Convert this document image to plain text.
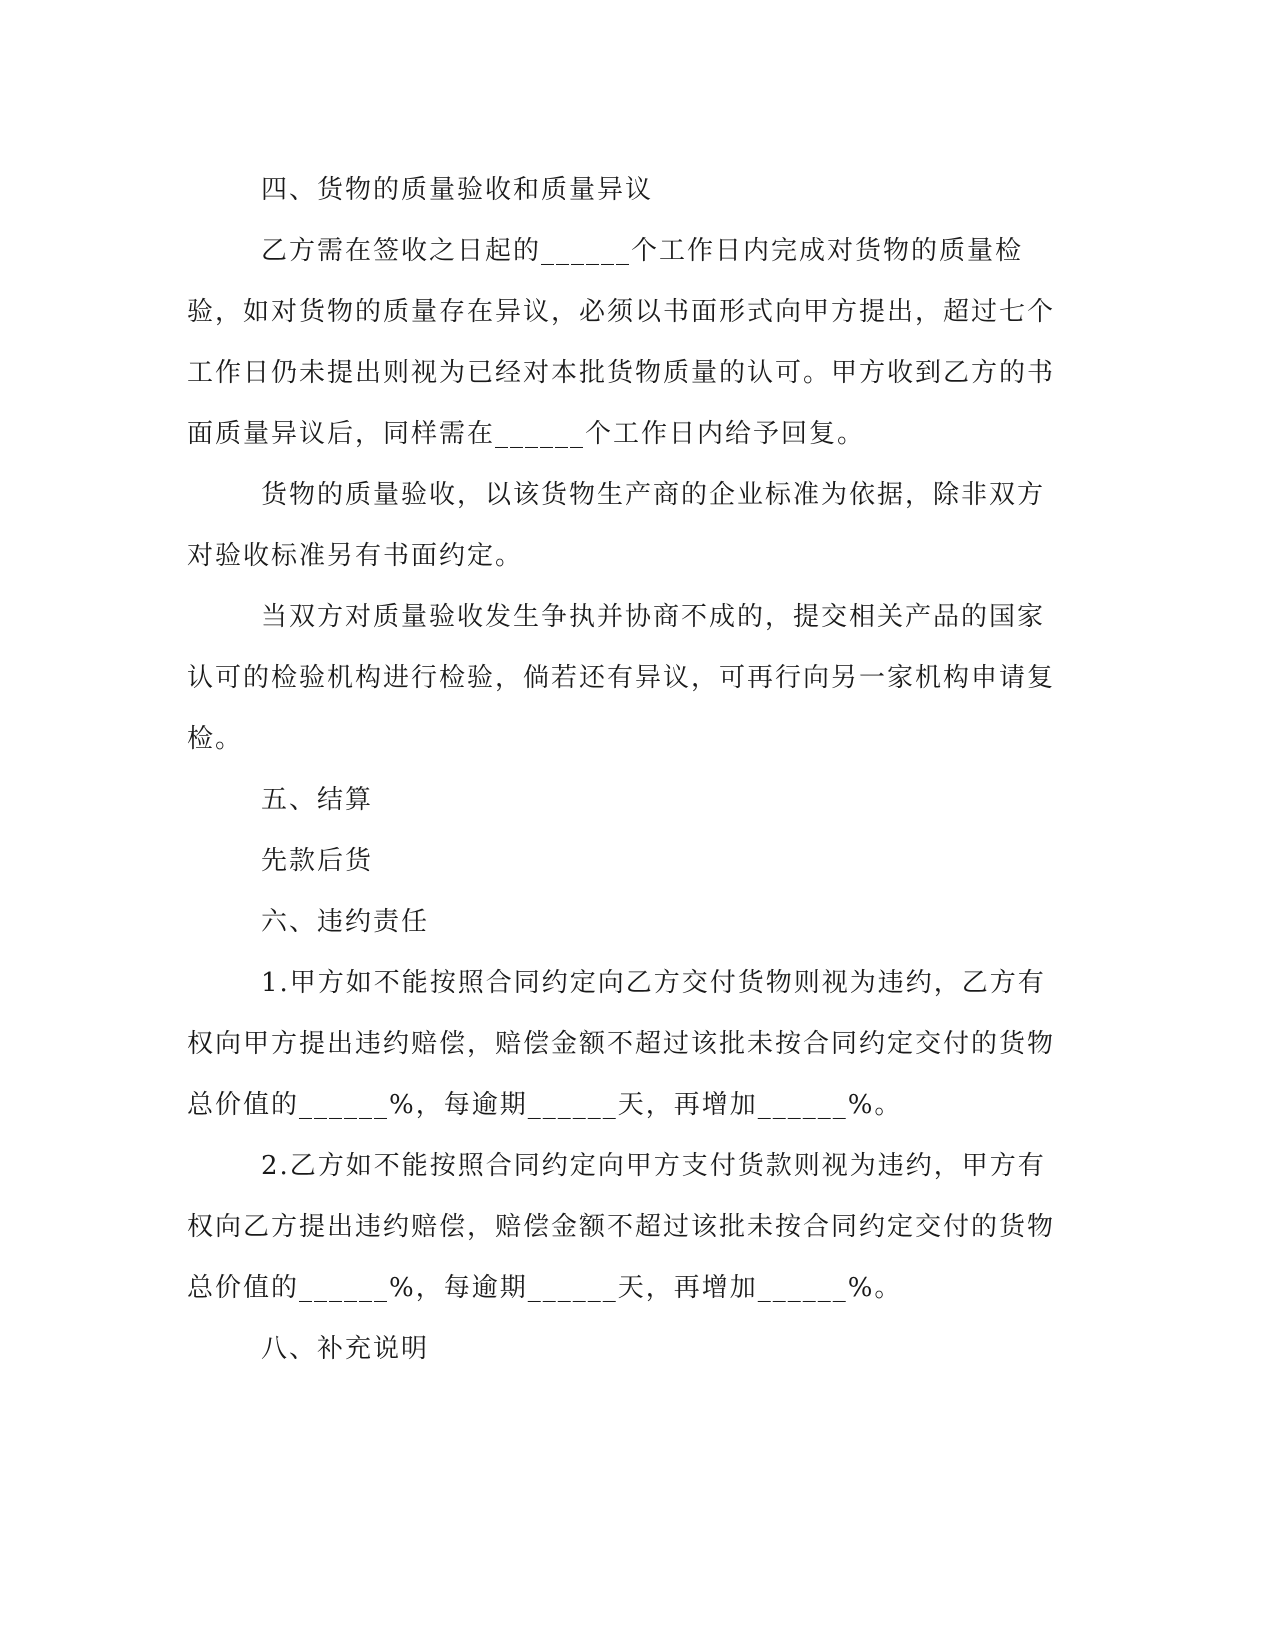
四、货物的质量验收和质量异议

乙方需在签收之日起的______个工作日内完成对货物的质量检验，如对货物的质量存在异议，必须以书面形式向甲方提出，超过七个工作日仍未提出则视为已经对本批货物质量的认可。甲方收到乙方的书面质量异议后，同样需在______个工作日内给予回复。

货物的质量验收，以该货物生产商的企业标准为依据，除非双方对验收标准另有书面约定。

当双方对质量验收发生争执并协商不成的，提交相关产品的国家认可的检验机构进行检验，倘若还有异议，可再行向另一家机构申请复检。

五、结算

先款后货

六、违约责任

1.甲方如不能按照合同约定向乙方交付货物则视为违约，乙方有权向甲方提出违约赔偿，赔偿金额不超过该批未按合同约定交付的货物总价值的______%，每逾期______天，再增加______%。

2.乙方如不能按照合同约定向甲方支付货款则视为违约，甲方有权向乙方提出违约赔偿，赔偿金额不超过该批未按合同约定交付的货物总价值的______%，每逾期______天，再增加______%。

八、补充说明
